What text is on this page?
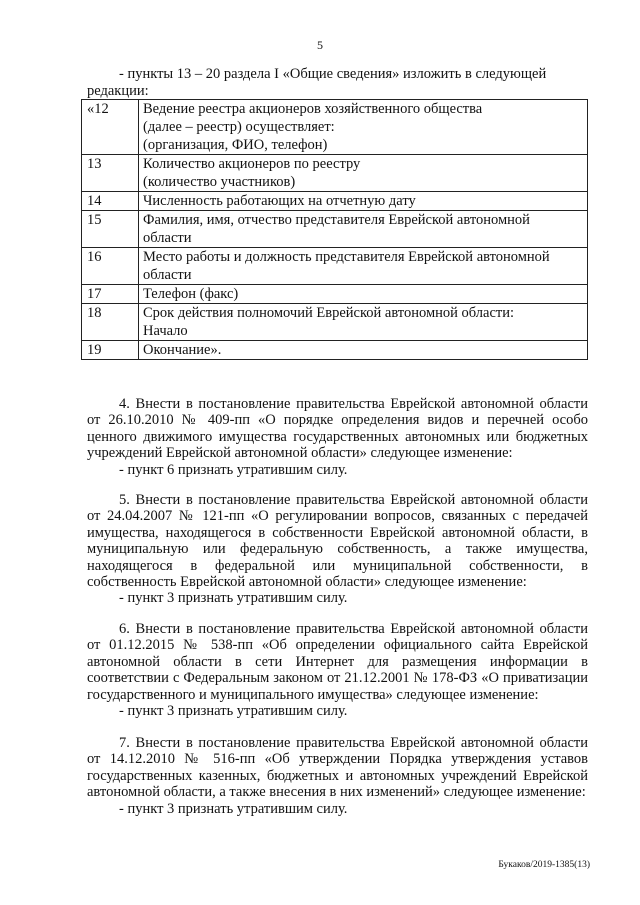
5
- пункты 13 – 20 раздела I «Общие сведения» изложить в следующей
редакции:
«12	Ведение реестра акционеров хозяйственного общества
(далее – реестр) осуществляет:
(организация, ФИО, телефон)

13	Количество акционеров по реестру
(количество участников)

14	Численность работающих на отчетную дату

15	Фамилия, имя, отчество представителя Еврейской автономной
области

16	Место работы и должность представителя Еврейской автономной
области

17	Телефон (факс)

18	Срок действия полномочий Еврейской автономной области:
Начало

19	Окончание».

4. Внести в постановление правительства Еврейской автономной области от 26.10.2010 № 409-пп «О порядке определения видов и перечней особо ценного движимого имущества государственных автономных или бюджетных учреждений Еврейской автономной области» следующее изменение:

- пункт 6 признать утратившим силу.

5. Внести в постановление правительства Еврейской автономной области от 24.04.2007 № 121-пп «О регулировании вопросов, связанных с передачей имущества, находящегося в собственности Еврейской автономной области, в муниципальную или федеральную собственность, а также имущества, находящегося в федеральной или муниципальной собственности, в собственность Еврейской автономной области» следующее изменение:

- пункт 3 признать утратившим силу.

6. Внести в постановление правительства Еврейской автономной области от 01.12.2015 № 538-пп «Об определении официального сайта Еврейской автономной области в сети Интернет для размещения информации в соответствии с Федеральным законом от 21.12.2001 № 178-ФЗ «О приватизации государственного и муниципального имущества» следующее изменение:

- пункт 3 признать утратившим силу.

7. Внести в постановление правительства Еврейской автономной области от 14.12.2010 № 516-пп «Об утверждении Порядка утверждения уставов государственных казенных, бюджетных и автономных учреждений Еврейской автономной области, а также внесения в них изменений» следующее изменение:

- пункт 3 признать утратившим силу.

Букаков/2019-1385(13)
